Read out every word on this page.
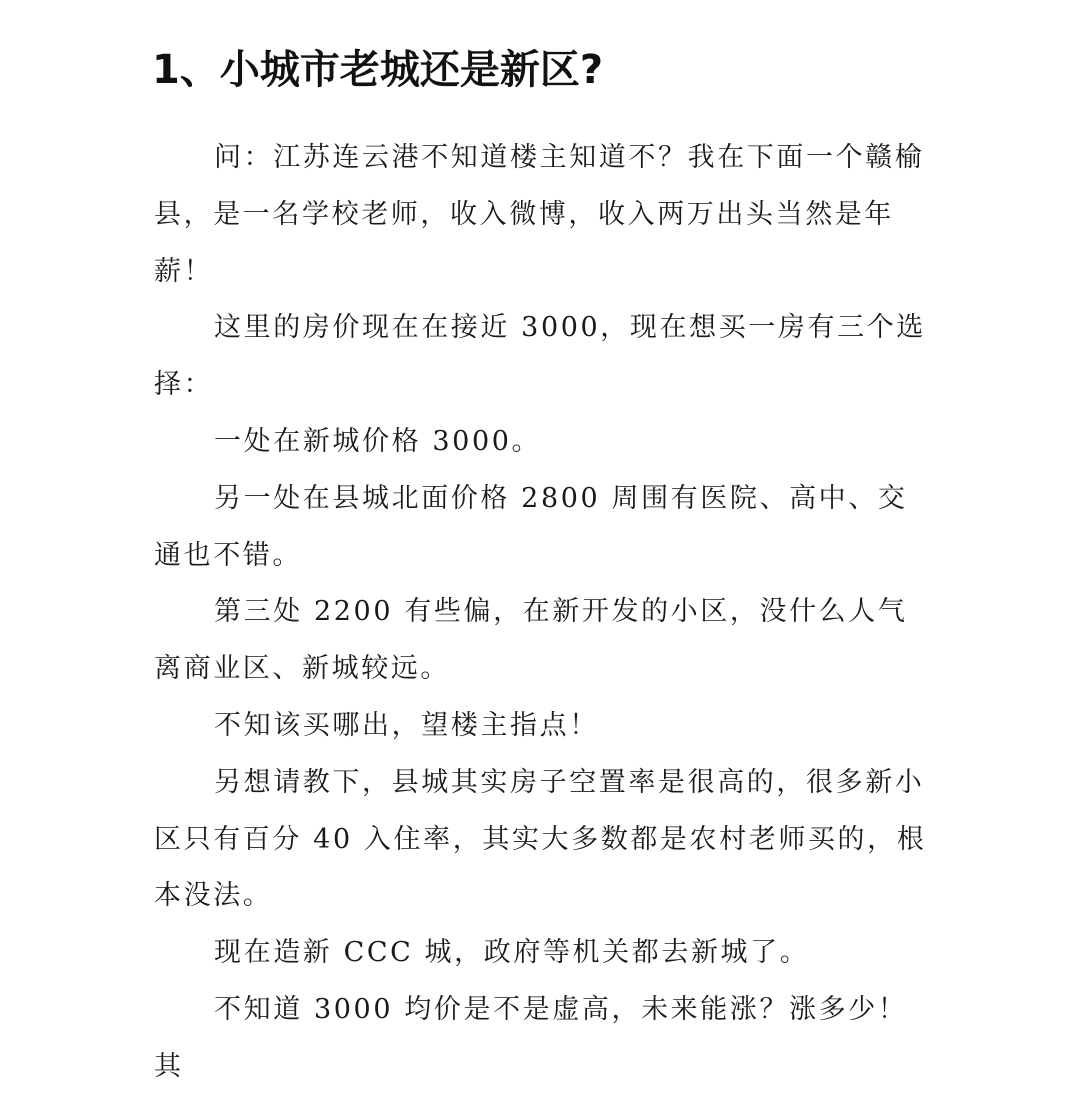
1、小城市老城还是新区?

问：江苏连云港不知道楼主知道不？我在下面一个赣榆县，是一名学校老师，收入微博，收入两万出头当然是年薪！

这里的房价现在在接近 3000，现在想买一房有三个选择：

一处在新城价格 3000。

另一处在县城北面价格 2800 周围有医院、高中、交通也不错。

第三处 2200 有些偏，在新开发的小区，没什么人气离商业区、新城较远。

不知该买哪出，望楼主指点！

另想请教下，县城其实房子空置率是很高的，很多新小区只有百分 40 入住率，其实大多数都是农村老师买的，根本没法。

现在造新 CCC 城，政府等机关都去新城了。

不知道 3000 均价是不是虚高，未来能涨？涨多少！其
